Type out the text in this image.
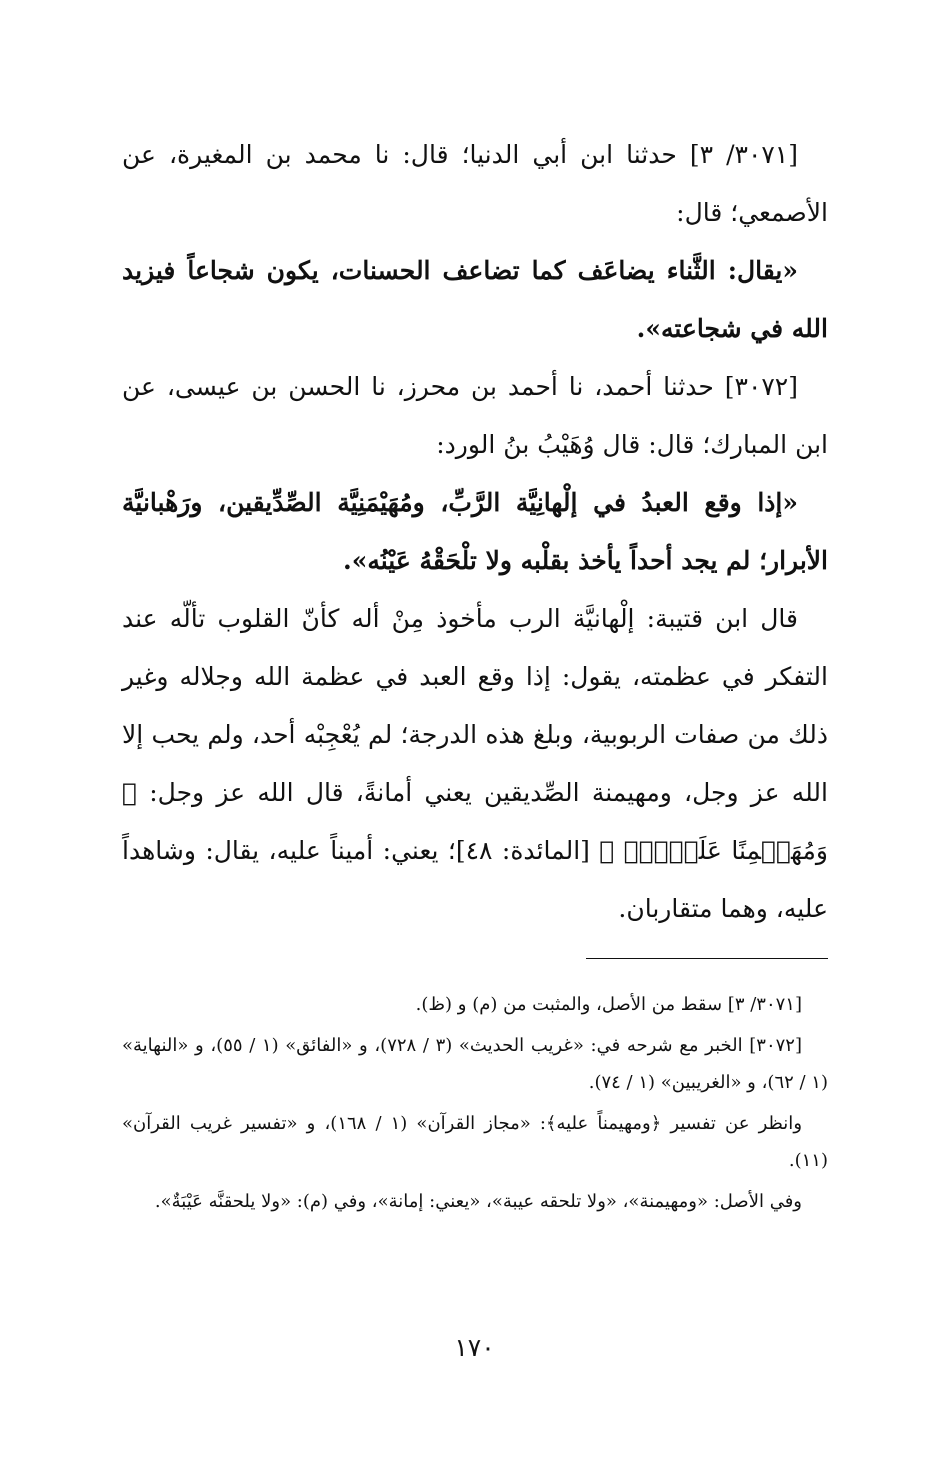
[٣٠٧١/ ٣] حدثنا ابن أبي الدنيا؛ قال: نا محمد بن المغيرة، عن الأصمعي؛ قال:

«يقال: الثَّناء يضاعَف كما تضاعف الحسنات، يكون شجاعاً فيزيد الله في شجاعته».

[٣٠٧٢] حدثنا أحمد، نا أحمد بن محرز، نا الحسن بن عيسى، عن ابن المبارك؛ قال: قال وُهَيْبُ بنُ الورد:

«إذا وقع العبدُ في إلْهانِيَّة الرَّبِّ، ومُهَيْمَنِيَّة الصِّدِّيقين، ورَهْبانيَّة الأبرار؛ لم يجد أحداً يأخذ بقلْبه ولا تلْحَقْهُ عَيْنُه».

قال ابن قتيبة: إلْهانيَّة الرب مأخوذ مِنْ أله كأنّ القلوب تألّه عند التفكر في عظمته، يقول: إذا وقع العبد في عظمة الله وجلاله وغير ذلك من صفات الربوبية، وبلغ هذه الدرجة؛ لم يُعْجِبْه أحد، ولم يحب إلا الله عز وجل، ومهيمنة الصِّديقين يعني أمانةً، قال الله عز وجل: ﴿ وَمُهَيۡمِنًا عَلَيۡهِۖ ﴾ [المائدة: ٤٨]؛ يعني: أميناً عليه، يقال: وشاهداً عليه، وهما متقاربان.

[٣٠٧١/ ٣] سقط من الأصل، والمثبت من (م) و (ظ).

[٣٠٧٢] الخبر مع شرحه في: «غريب الحديث» (٣ / ٧٢٨)، و «الفائق» (١ / ٥٥)، و «النهاية» (١ / ٦٢)، و «الغريبين» (١ / ٧٤).

وانظر عن تفسير ﴿ومهيمناً عليه﴾: «مجاز القرآن» (١ / ١٦٨)، و «تفسير غريب القرآن» (١١).

وفي الأصل: «ومهيمنة»، «ولا تلحقه عيبة»، «يعني: إمانة»، وفي (م): «ولا يلحقنَّه عَيْبَةٌ».

١٧٠
